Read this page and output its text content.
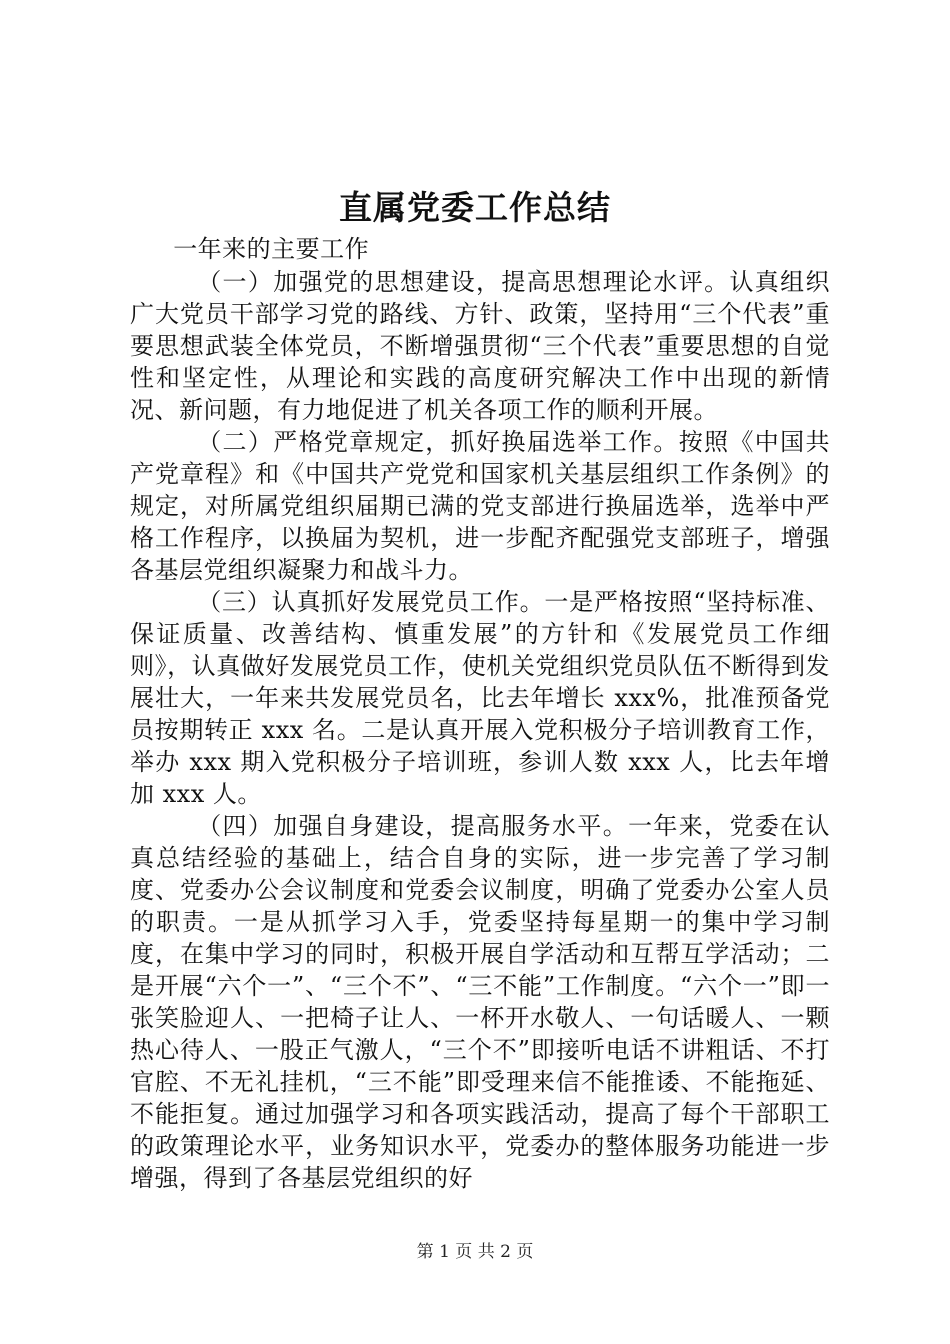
直属党委工作总结

一年来的主要工作

（一）加强党的思想建设，提高思想理论水评。认真组织广大党员干部学习党的路线、方针、政策，坚持用“三个代表”重要思想武装全体党员，不断增强贯彻“三个代表”重要思想的自觉性和坚定性，从理论和实践的高度研究解决工作中出现的新情况、新问题，有力地促进了机关各项工作的顺利开展。

（二）严格党章规定，抓好换届选举工作。按照《中国共产党章程》和《中国共产党党和国家机关基层组织工作条例》的规定，对所属党组织届期已满的党支部进行换届选举，选举中严格工作程序，以换届为契机，进一步配齐配强党支部班子，增强各基层党组织凝聚力和战斗力。

（三）认真抓好发展党员工作。一是严格按照“坚持标准、保证质量、改善结构、慎重发展”的方针和《发展党员工作细则》，认真做好发展党员工作，使机关党组织党员队伍不断得到发展壮大，一年来共发展党员名，比去年增长 xxx%，批准预备党员按期转正 xxx 名。二是认真开展入党积极分子培训教育工作，举办 xxx 期入党积极分子培训班，参训人数 xxx 人，比去年增加 xxx 人。

（四）加强自身建设，提高服务水平。一年来，党委在认真总结经验的基础上，结合自身的实际，进一步完善了学习制度、党委办公会议制度和党委会议制度，明确了党委办公室人员的职责。一是从抓学习入手，党委坚持每星期一的集中学习制度，在集中学习的同时，积极开展自学活动和互帮互学活动；二是开展“六个一”、“三个不”、“三不能”工作制度。“六个一”即一张笑脸迎人、一把椅子让人、一杯开水敬人、一句话暖人、一颗热心待人、一股正气激人，“三个不”即接听电话不讲粗话、不打官腔、不无礼挂机，“三不能”即受理来信不能推诿、不能拖延、不能拒复。通过加强学习和各项实践活动，提高了每个干部职工的政策理论水平，业务知识水平，党委办的整体服务功能进一步增强，得到了各基层党组织的好

第 1 页 共 2 页
